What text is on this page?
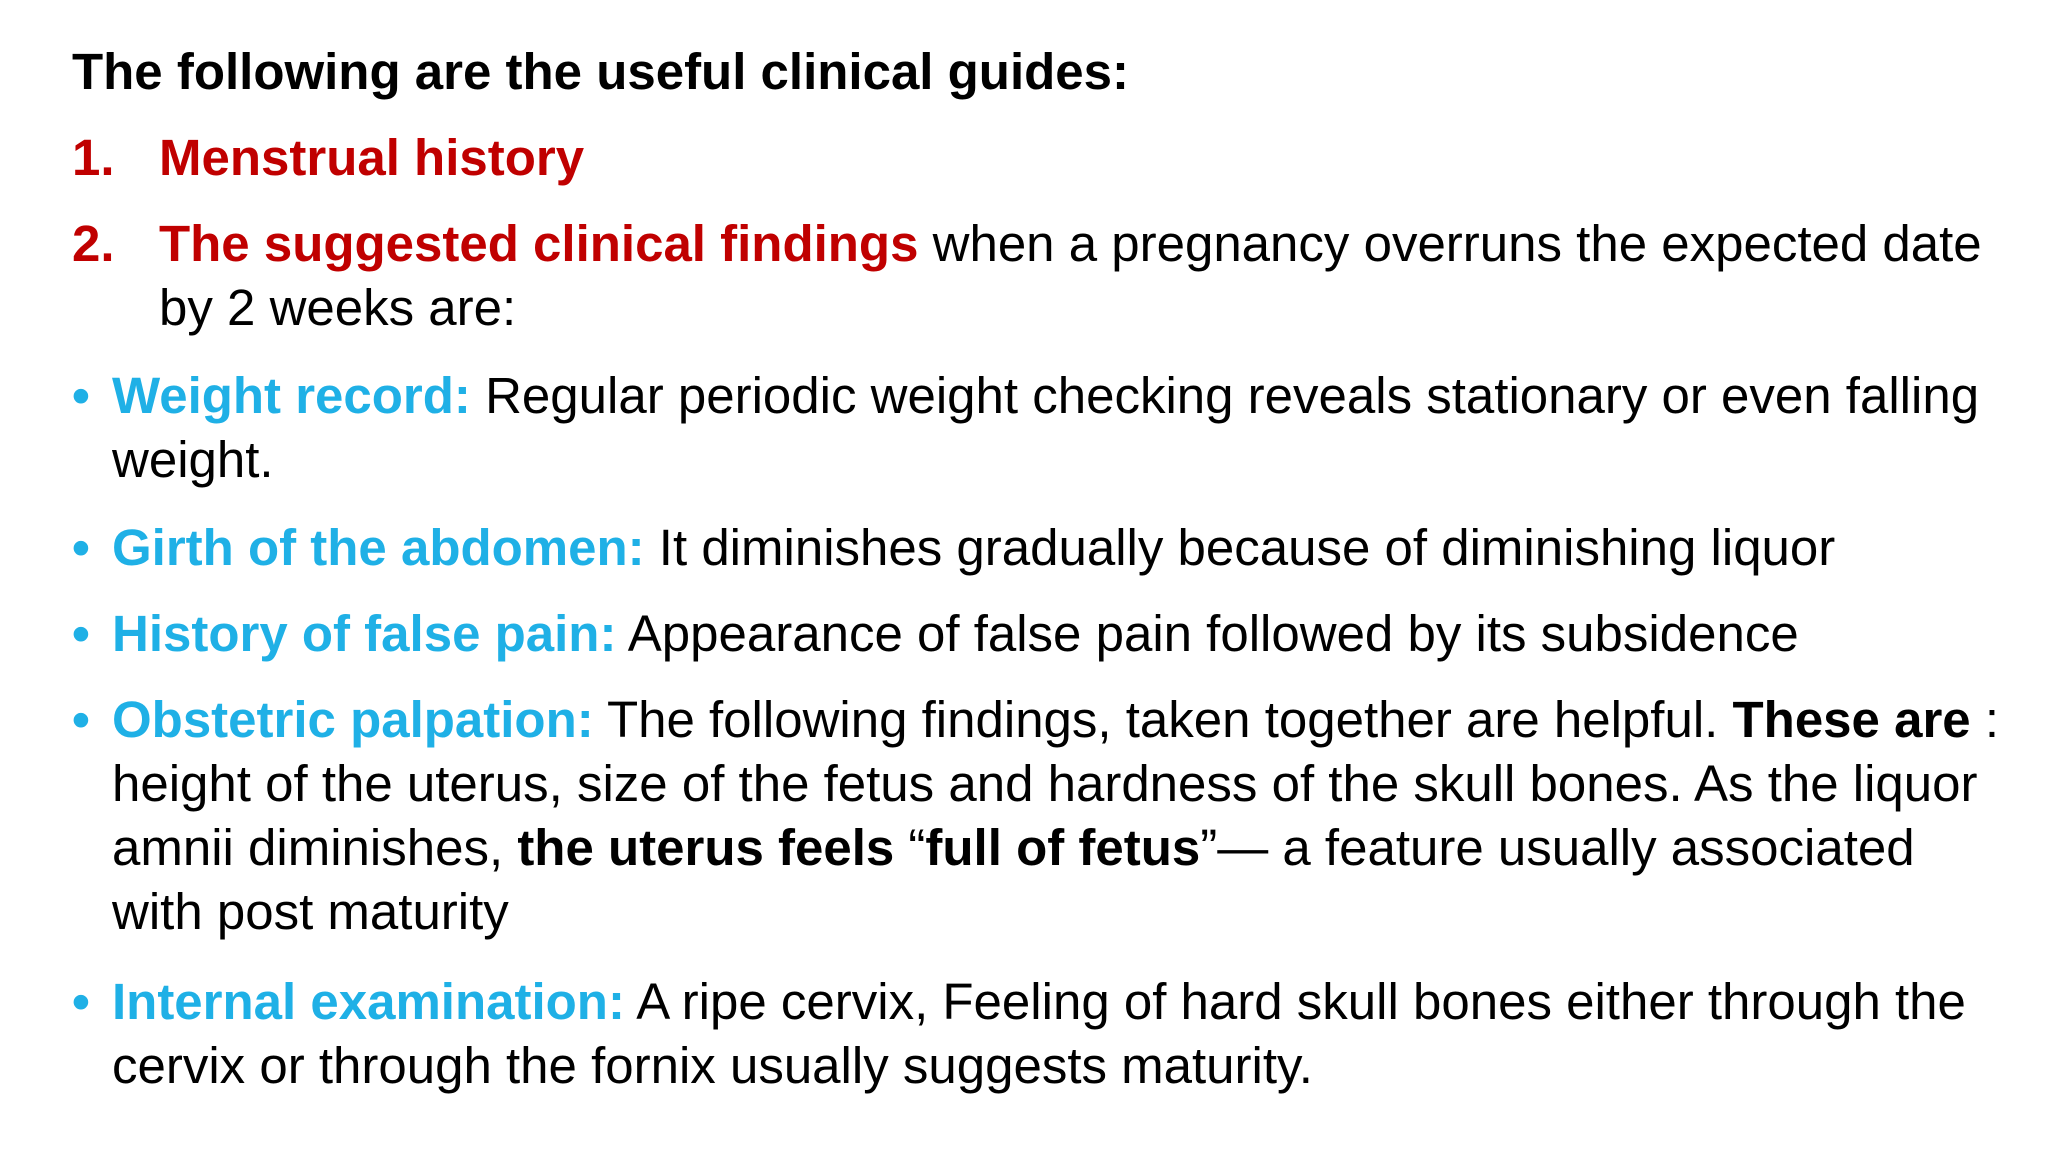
The following are the useful clinical guides:
1. Menstrual history
2. The suggested clinical findings when a pregnancy overruns the expected date by 2 weeks are:
• Weight record: Regular periodic weight checking reveals stationary or even falling weight.
• Girth of the abdomen: It diminishes gradually because of diminishing liquor
• History of false pain: Appearance of false pain followed by its subsidence
• Obstetric palpation: The following findings, taken together are helpful. These are : height of the uterus, size of the fetus and hardness of the skull bones. As the liquor amnii diminishes, the uterus feels “full of fetus”— a feature usually associated with post maturity
• Internal examination: A ripe cervix, Feeling of hard skull bones either through the cervix or through the fornix usually suggests maturity.
